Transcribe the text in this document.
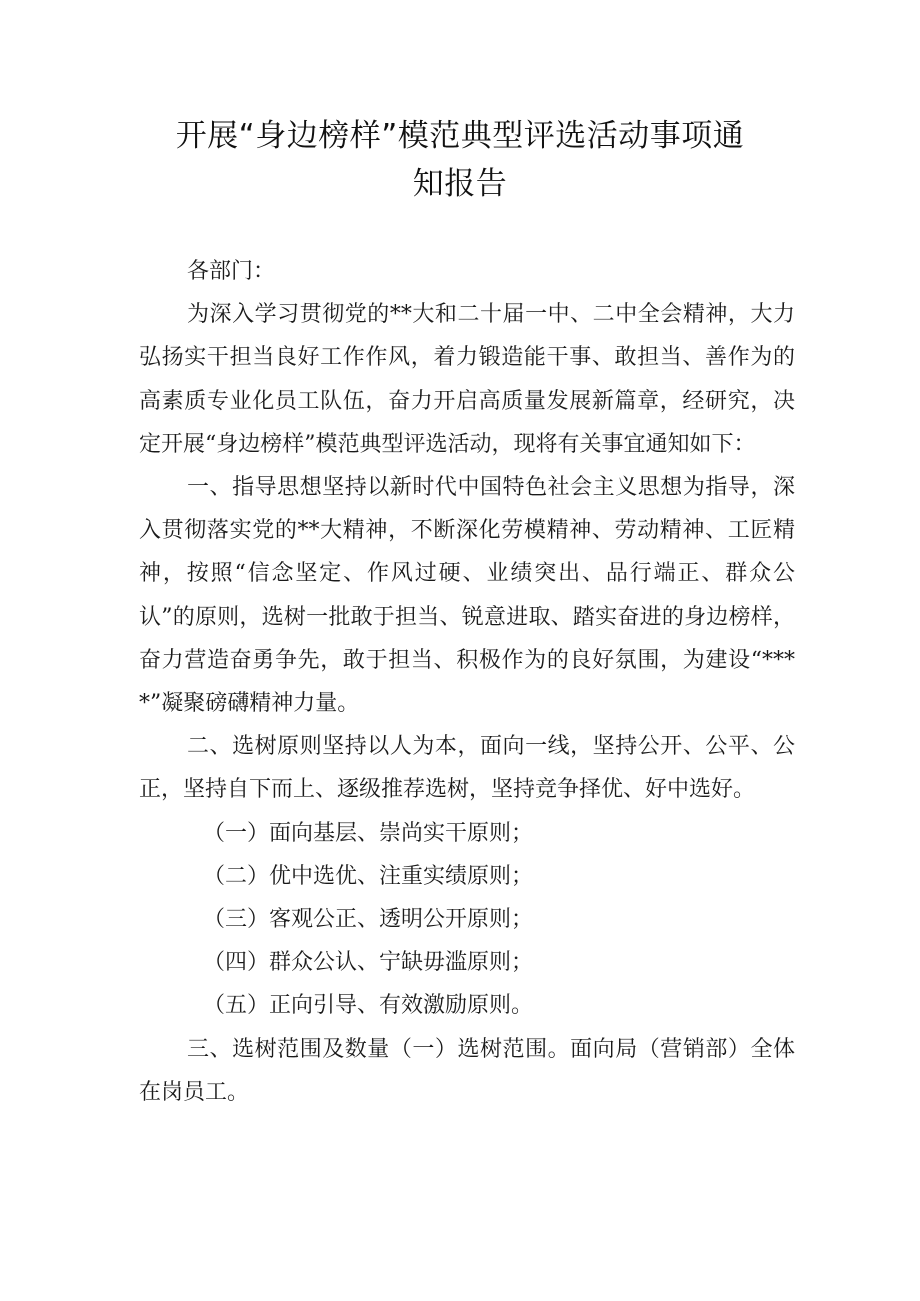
开展“身边榜样”模范典型评选活动事项通
知报告

各部门：

为深入学习贯彻党的**大和二十届一中、二中全会精神，大力弘扬实干担当良好工作作风，着力锻造能干事、敢担当、善作为的高素质专业化员工队伍，奋力开启高质量发展新篇章，经研究，决定开展“身边榜样”模范典型评选活动，现将有关事宜通知如下：

一、指导思想坚持以新时代中国特色社会主义思想为指导，深入贯彻落实党的**大精神，不断深化劳模精神、劳动精神、工匠精神，按照“信念坚定、作风过硬、业绩突出、品行端正、群众公认”的原则，选树一批敢于担当、锐意进取、踏实奋进的身边榜样，奋力营造奋勇争先，敢于担当、积极作为的良好氛围，为建设“****”凝聚磅礴精神力量。

二、选树原则坚持以人为本，面向一线，坚持公开、公平、公正，坚持自下而上、逐级推荐选树，坚持竞争择优、好中选好。

（一）面向基层、崇尚实干原则；

（二）优中选优、注重实绩原则；

（三）客观公正、透明公开原则；

（四）群众公认、宁缺毋滥原则；

（五）正向引导、有效激励原则。

三、选树范围及数量（一）选树范围。面向局（营销部）全体在岗员工。
